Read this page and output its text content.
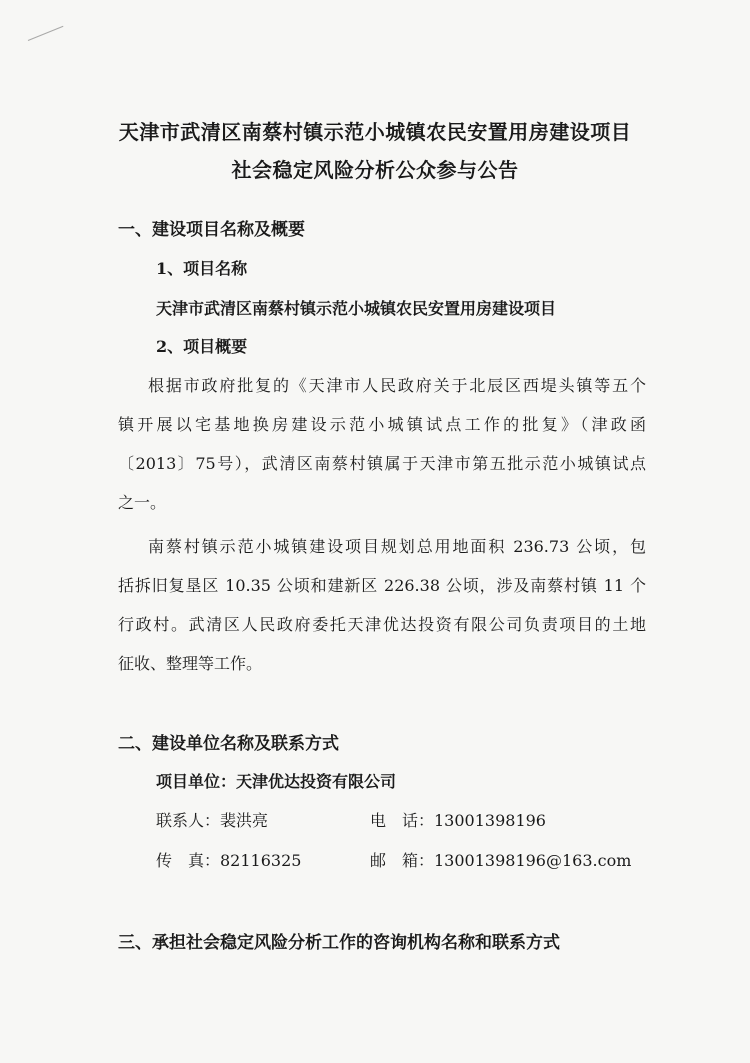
天津市武清区南蔡村镇示范小城镇农民安置用房建设项目
社会稳定风险分析公众参与公告
一、建设项目名称及概要
1、项目名称
天津市武清区南蔡村镇示范小城镇农民安置用房建设项目
2、项目概要
根据市政府批复的《天津市人民政府关于北辰区西堤头镇等五个
镇开展以宅基地换房建设示范小城镇试点工作的批复》（津政函
〔2013〕75号），武清区南蔡村镇属于天津市第五批示范小城镇试点
之一。
南蔡村镇示范小城镇建设项目规划总用地面积 236.73 公顷，包
括拆旧复垦区 10.35 公顷和建新区 226.38 公顷，涉及南蔡村镇 11 个
行政村。武清区人民政府委托天津优达投资有限公司负责项目的土地
征收、整理等工作。
二、建设单位名称及联系方式
项目单位：天津优达投资有限公司
联系人：裴洪亮	电　话：13001398196
传　真：82116325	邮　箱：13001398196@163.com
三、承担社会稳定风险分析工作的咨询机构名称和联系方式
